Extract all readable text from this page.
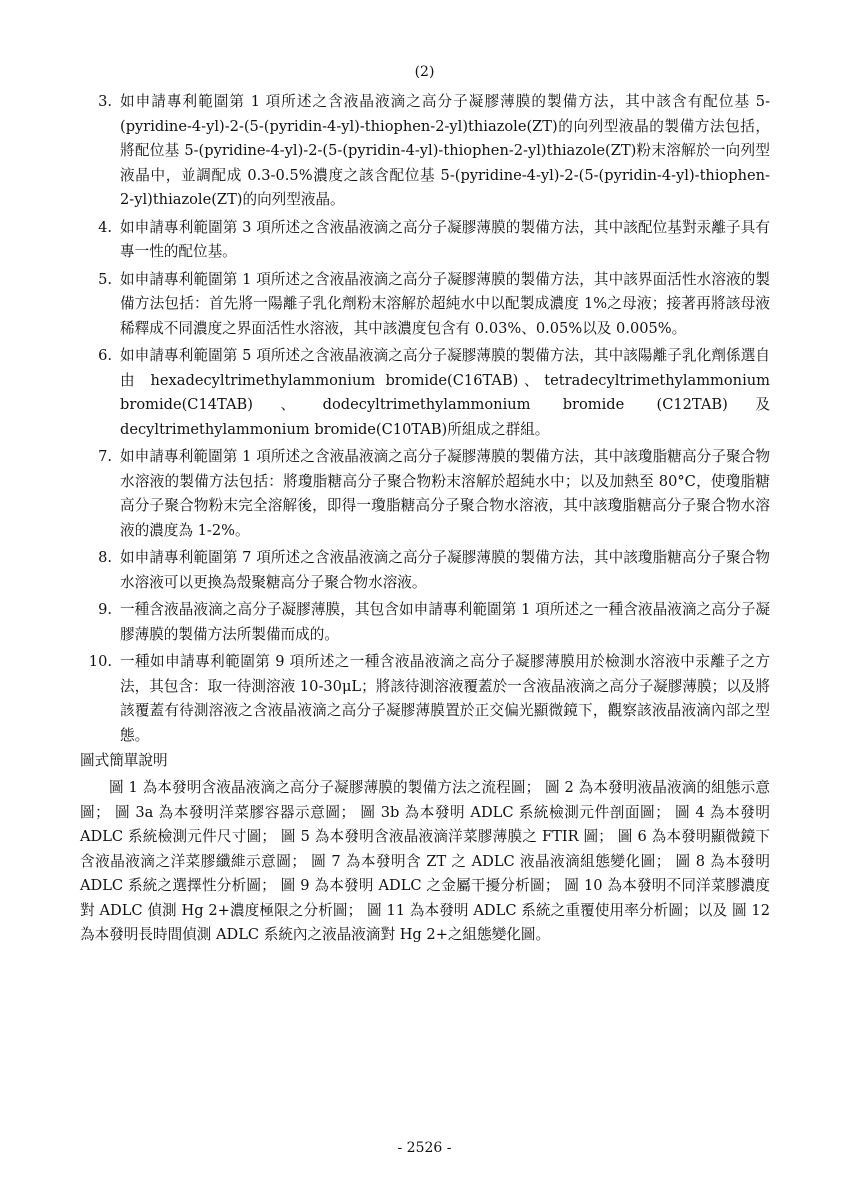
(2)
3. 如申請專利範圍第 1 項所述之含液晶液滴之高分子凝膠薄膜的製備方法，其中該含有配位基 5-(pyridine-4-yl)-2-(5-(pyridin-4-yl)-thiophen-2-yl)thiazole(ZT)的向列型液晶的製備方法包括，將配位基 5-(pyridine-4-yl)-2-(5-(pyridin-4-yl)-thiophen-2-yl)thiazole(ZT)粉末溶解於一向列型液晶中，並調配成 0.3-0.5%濃度之該含配位基 5-(pyridine-4-yl)-2-(5-(pyridin-4-yl)-thiophen-2-yl)thiazole(ZT)的向列型液晶。
4. 如申請專利範圍第 3 項所述之含液晶液滴之高分子凝膠薄膜的製備方法，其中該配位基對汞離子具有專一性的配位基。
5. 如申請專利範圍第 1 項所述之含液晶液滴之高分子凝膠薄膜的製備方法，其中該界面活性水溶液的製備方法包括：首先將一陽離子乳化劑粉末溶解於超純水中以配製成濃度 1%之母液；接著再將該母液稀釋成不同濃度之界面活性水溶液，其中該濃度包含有 0.03%、0.05%以及 0.005%。
6. 如申請專利範圍第 5 項所述之含液晶液滴之高分子凝膠薄膜的製備方法，其中該陽離子乳化劑係選自由 hexadecyltrimethylammonium bromide(C16TAB)、tetradecyltrimethylammonium bromide(C14TAB)、dodecyltrimethylammonium bromide (C12TAB)及 decyltrimethylammonium bromide(C10TAB)所組成之群組。
7. 如申請專利範圍第 1 項所述之含液晶液滴之高分子凝膠薄膜的製備方法，其中該瓊脂糖高分子聚合物水溶液的製備方法包括：將瓊脂糖高分子聚合物粉末溶解於超純水中；以及加熱至 80°C，使瓊脂糖高分子聚合物粉末完全溶解後，即得一瓊脂糖高分子聚合物水溶液，其中該瓊脂糖高分子聚合物水溶液的濃度為 1-2%。
8. 如申請專利範圍第 7 項所述之含液晶液滴之高分子凝膠薄膜的製備方法，其中該瓊脂糖高分子聚合物水溶液可以更換為殼聚糖高分子聚合物水溶液。
9. 一種含液晶液滴之高分子凝膠薄膜，其包含如申請專利範圍第 1 項所述之一種含液晶液滴之高分子凝膠薄膜的製備方法所製備而成的。
10. 一種如申請專利範圍第 9 項所述之一種含液晶液滴之高分子凝膠薄膜用於檢測水溶液中汞離子之方法，其包含：取一待測溶液 10-30μL；將該待測溶液覆蓋於一含液晶液滴之高分子凝膠薄膜；以及將該覆蓋有待測溶液之含液晶液滴之高分子凝膠薄膜置於正交偏光顯微鏡下，觀察該液晶液滴內部之型態。
圖式簡單說明

圖 1 為本發明含液晶液滴之高分子凝膠薄膜的製備方法之流程圖； 圖 2 為本發明液晶液滴的組態示意圖； 圖 3a 為本發明洋菜膠容器示意圖； 圖 3b 為本發明 ADLC 系統檢測元件剖面圖； 圖 4 為本發明 ADLC 系統檢測元件尺寸圖； 圖 5 為本發明含液晶液滴洋菜膠薄膜之 FTIR 圖； 圖 6 為本發明顯微鏡下含液晶液滴之洋菜膠纖維示意圖； 圖 7 為本發明含 ZT 之 ADLC 液晶液滴組態變化圖； 圖 8 為本發明 ADLC 系統之選擇性分析圖； 圖 9 為本發明 ADLC 之金屬干擾分析圖； 圖 10 為本發明不同洋菜膠濃度對 ADLC 偵測 Hg 2+濃度極限之分析圖； 圖 11 為本發明 ADLC 系統之重覆使用率分析圖；以及 圖 12 為本發明長時間偵測 ADLC 系統內之液晶液滴對 Hg 2+之組態變化圖。

- 2526 -
